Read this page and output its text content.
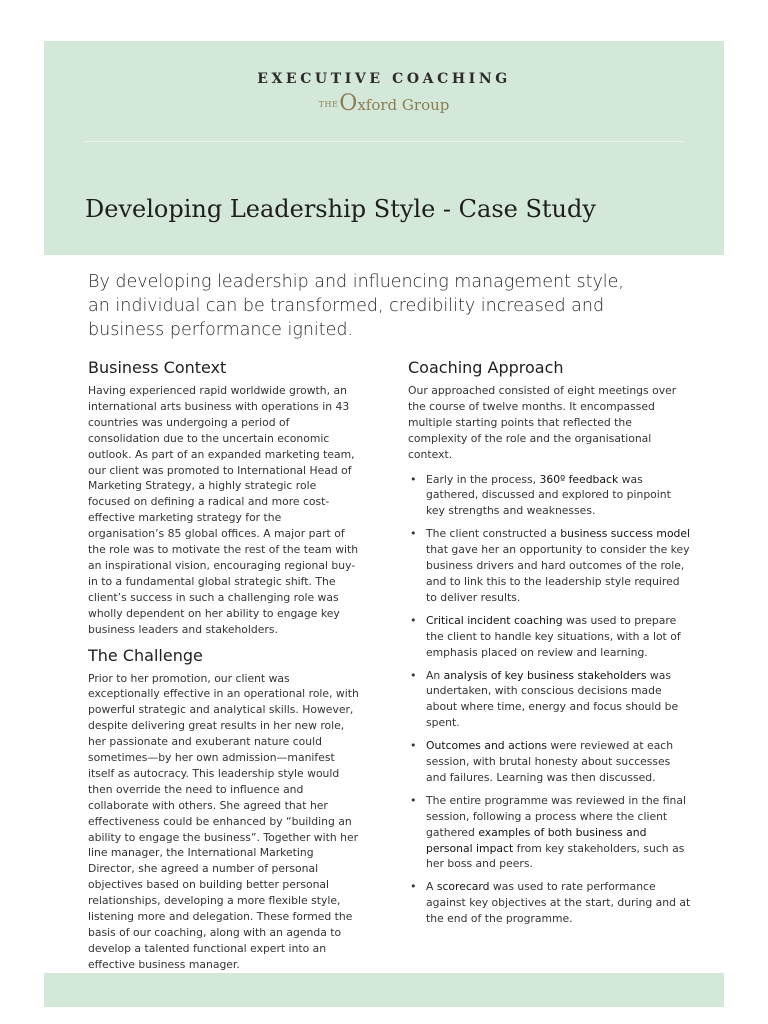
EXECUTIVE COACHING
$^{THE}$Oxford Group
Developing Leadership Style - Case Study

By developing leadership and influencing management style, an individual can be transformed, credibility increased and business performance ignited.

Business Context

Having experienced rapid worldwide growth, an international arts business with operations in 43 countries was undergoing a period of consolidation due to the uncertain economic outlook. As part of an expanded marketing team, our client was promoted to International Head of Marketing Strategy, a highly strategic role focused on defining a radical and more cost-effective marketing strategy for the organisation’s 85 global offices. A major part of the role was to motivate the rest of the team with an inspirational vision, encouraging regional buy-in to a fundamental global strategic shift. The client’s success in such a challenging role was wholly dependent on her ability to engage key business leaders and stakeholders.

The Challenge

Prior to her promotion, our client was exceptionally effective in an operational role, with powerful strategic and analytical skills. However, despite delivering great results in her new role, her passionate and exuberant nature could sometimes—by her own admission—manifest itself as autocracy. This leadership style would then override the need to influence and collaborate with others. She agreed that her effectiveness could be enhanced by “building an ability to engage the business”. Together with her line manager, the International Marketing Director, she agreed a number of personal objectives based on building better personal relationships, developing a more flexible style, listening more and delegation. These formed the basis of our coaching, along with an agenda to develop a talented functional expert into an effective business manager.

Coaching Approach

Our approached consisted of eight meetings over the course of twelve months. It encompassed multiple starting points that reflected the complexity of the role and the organisational context.

• Early in the process, 360º feedback was gathered, discussed and explored to pinpoint key strengths and weaknesses.
• The client constructed a business success model that gave her an opportunity to consider the key business drivers and hard outcomes of the role, and to link this to the leadership style required to deliver results.
• Critical incident coaching was used to prepare the client to handle key situations, with a lot of emphasis placed on review and learning.
• An analysis of key business stakeholders was undertaken, with conscious decisions made about where time, energy and focus should be spent.
• Outcomes and actions were reviewed at each session, with brutal honesty about successes and failures. Learning was then discussed.
• The entire programme was reviewed in the final session, following a process where the client gathered examples of both business and personal impact from key stakeholders, such as her boss and peers.
• A scorecard was used to rate performance against key objectives at the start, during and at the end of the programme.
